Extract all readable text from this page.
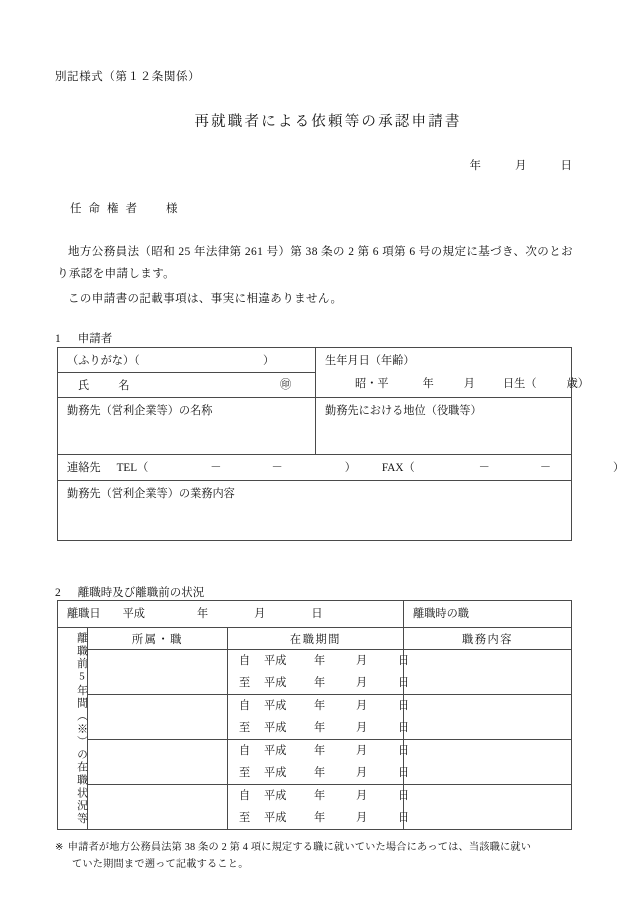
別記様式（第１２条関係）
再就職者による依頼等の承認申請書
年	月	日
任命権者 様
地方公務員法（昭和 25 年法律第 261 号）第 38 条の 2 第 6 項第 6 号の規定に基づき、次のとおり承認を申請します。
この申請書の記載事項は、事実に相違ありません。
1 申請者
（ふりがな）（	）	生年月日（年齢）
昭・平	年	月	日生（	歳）

氏　名 ㊞	

勤務先（営利企業等）の名称	勤務先における地位（役職等）

連絡先 TEL（ － － ） FAX（ － － ）	

勤務先（営利企業等）の業務内容	
2 離職時及び離職前の状況
離職日 平成 年 月 日			離職時の職

離職前5年間（※）の在職状況等	所属・職	在職期間	職務内容

		自 平成 年 月 日
至 平成 年 月 日	

		自 平成 年 月 日
至 平成 年 月 日	

		自 平成 年 月 日
至 平成 年 月 日	

		自 平成 年 月 日
至 平成 年 月 日	

※ 申請者が地方公務員法第 38 条の 2 第 4 項に規定する職に就いていた場合にあっては、当該職に就い
ていた期間まで遡って記載すること。
